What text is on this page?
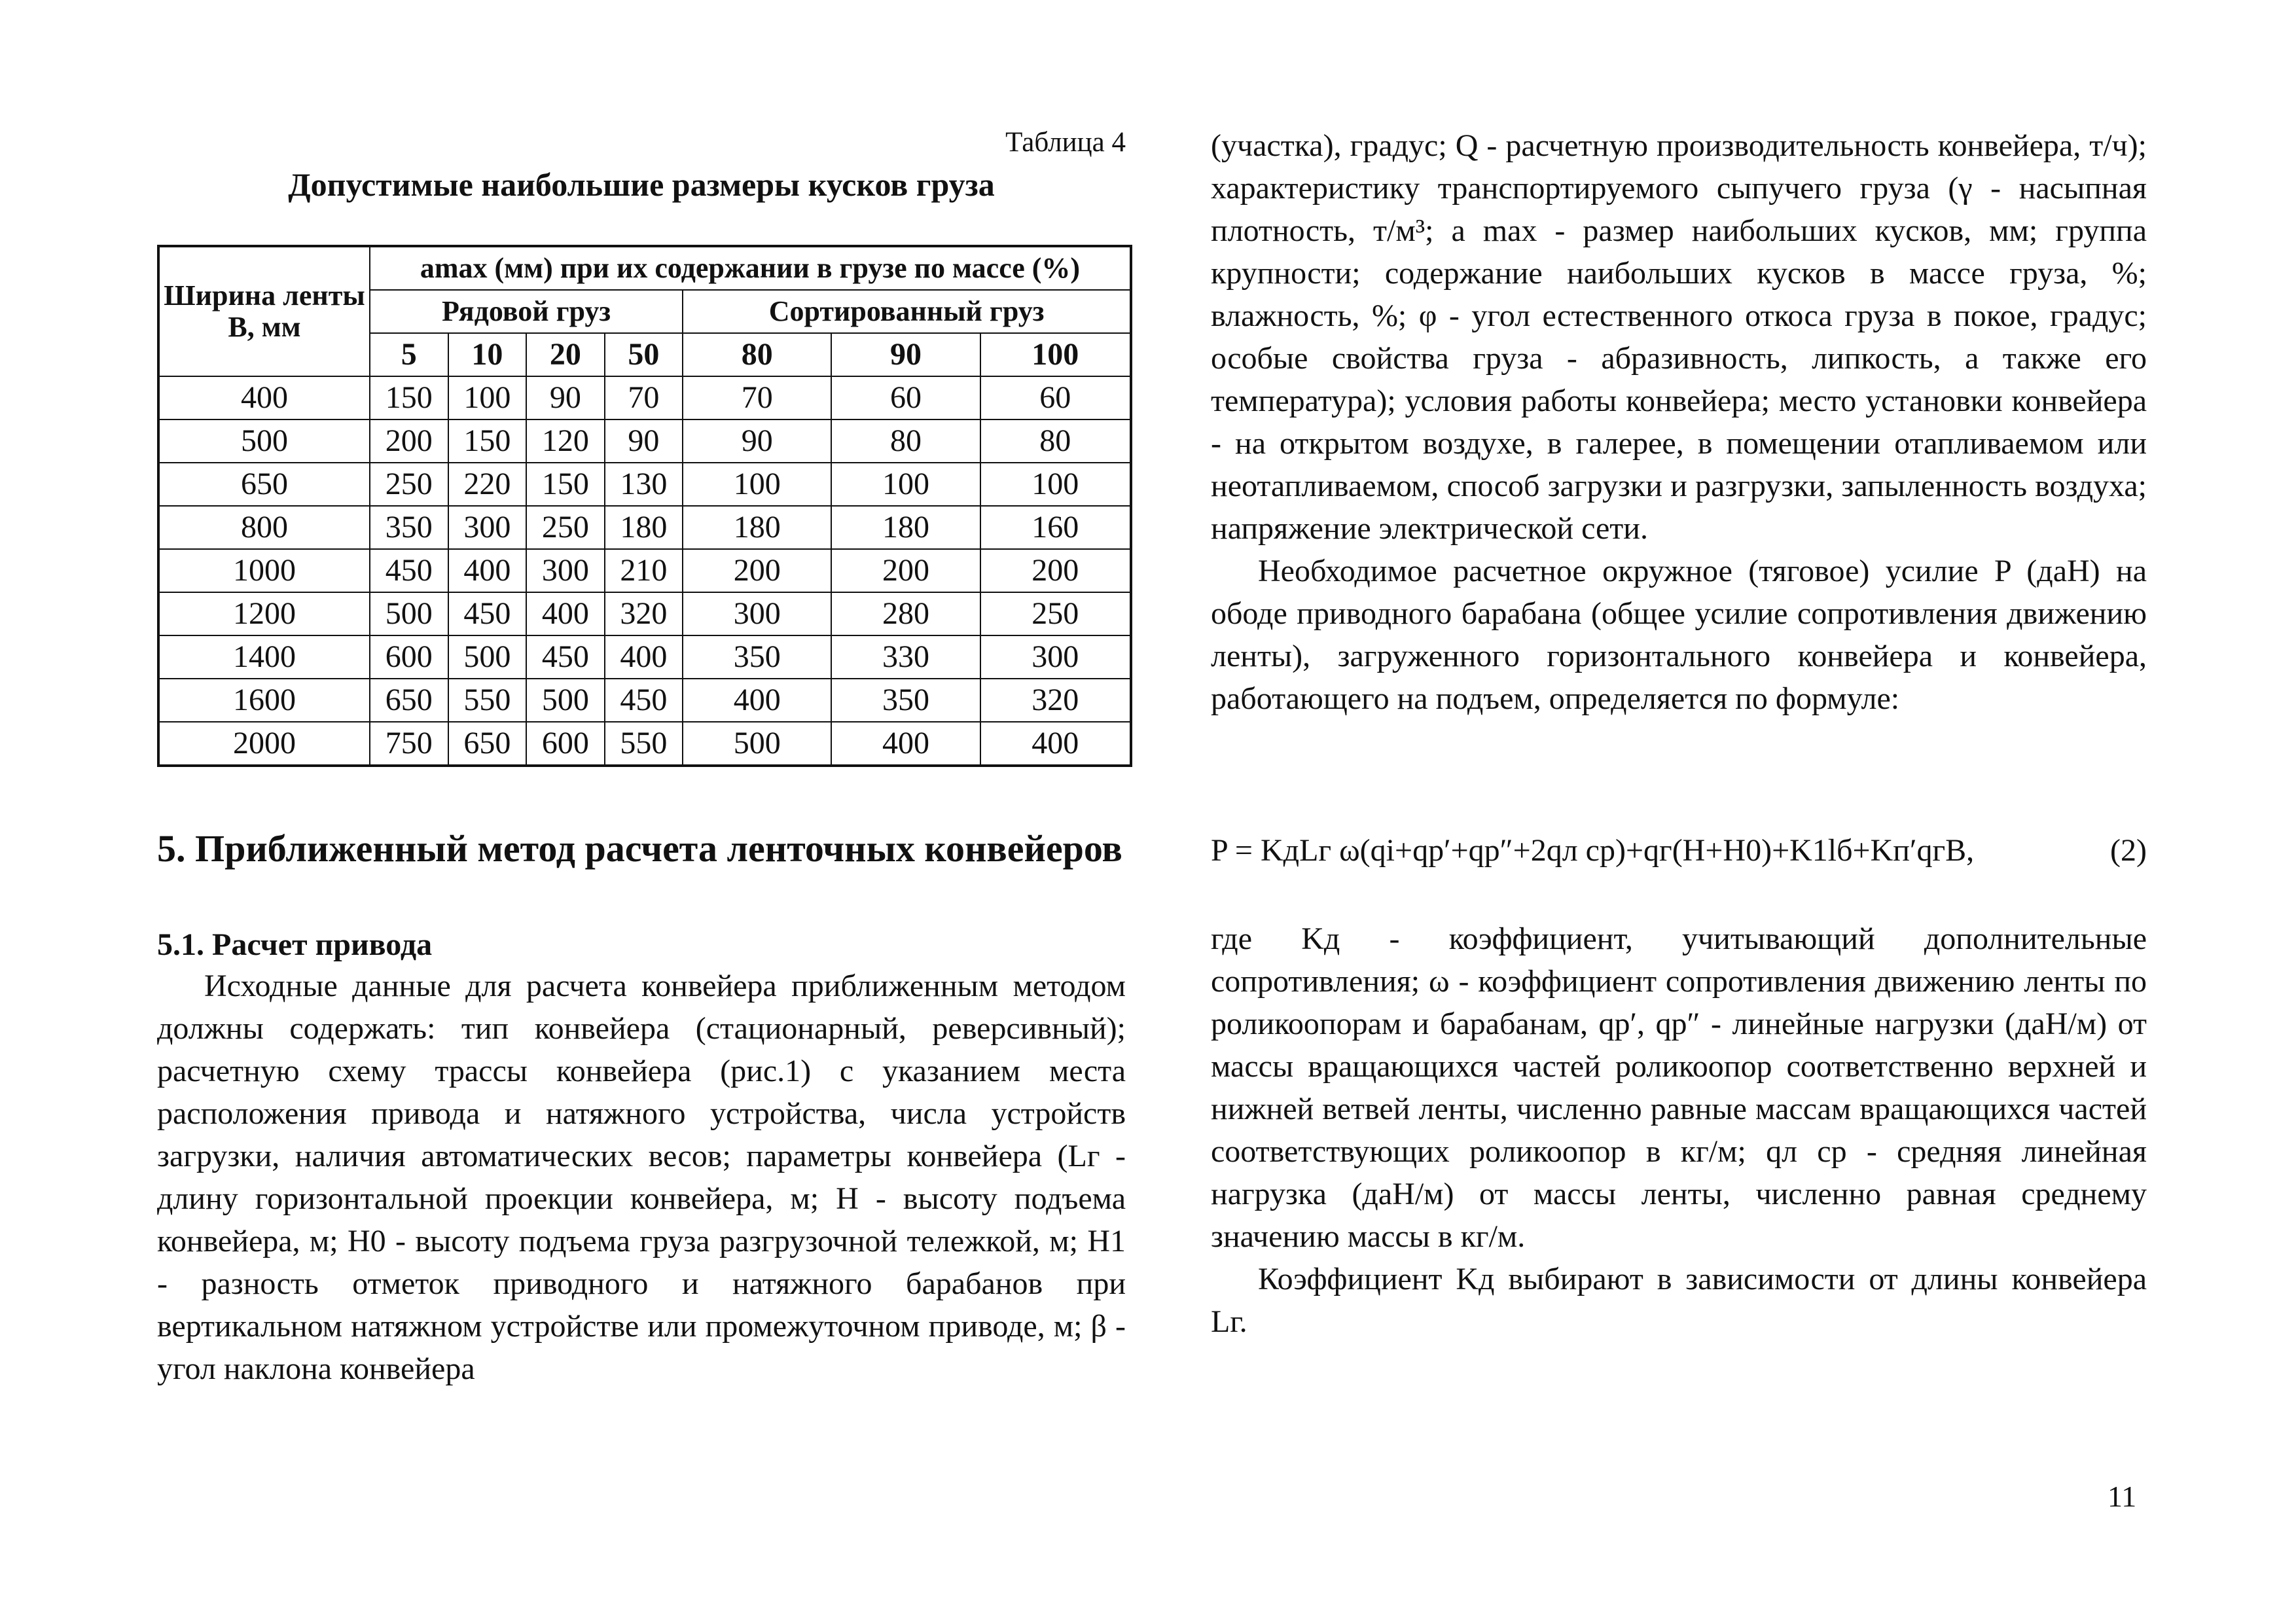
Таблица 4
Допустимые наибольшие размеры кусков груза
Ширина ленты B, мм	аmax (мм) при их содержании в грузе по массе (%)						
	Рядовой груз				Сортированный груз		
	5	10	20	50	80	90	100
400	150	100	90	70	70	60	60
500	200	150	120	90	90	80	80
650	250	220	150	130	100	100	100
800	350	300	250	180	180	180	160
1000	450	400	300	210	200	200	200
1200	500	450	400	320	300	280	250
1400	600	500	450	400	350	330	300
1600	650	550	500	450	400	350	320
2000	750	650	600	550	500	400	400
5. Приближенный метод расчета ленточных конвейеров
5.1. Расчет привода

Исходные данные для расчета конвейера приближенным методом должны содержать: тип конвейера (стационарный, реверсивный); расчетную схему трассы конвейера (рис.1) с указанием места расположения привода и натяжного устройства, числа устройств загрузки, наличия автоматических весов; параметры конвейера (Lг - длину горизонтальной проекции конвейера, м; H - высоту подъема конвейера, м; H0 - высоту подъема груза разгрузочной тележкой, м; H1 - разность отметок приводного и натяжного барабанов при вертикальном натяжном устройстве или промежуточном приводе, м; β - угол наклона конвейера

(участка), градус; Q - расчетную производительность конвейера, т/ч); характеристику транспортируемого сыпучего груза (γ - насыпная плотность, т/м³; a max - размер наибольших кусков, мм; группа крупности; содержание наибольших кусков в массе груза, %; влажность, %; φ - угол естественного откоса груза в покое, градус; особые свойства груза - абразивность, липкость, а также его температура); условия работы конвейера; место установки конвейера - на открытом воздухе, в галерее, в помещении отапливаемом или неотапливаемом, способ загрузки и разгрузки, запыленность воздуха; напряжение электрической сети.

Необходимое расчетное окружное (тяговое) усилие P (даН) на ободе приводного барабана (общее усилие сопротивления движению ленты), загруженного горизонтального конвейера и конвейера, работающего на подъем, определяется по формуле:

P = KдLг ω(qi+qр′+qр″+2qл ср)+qг(H+H0)+K1lб+Kп′qгB,	(2)

где Kд - коэффициент, учитывающий дополнительные сопротивления; ω - коэффициент сопротивления движению ленты по роликоопорам и барабанам, qр′, qр″ - линейные нагрузки (даН/м) от массы вращающихся частей роликоопор соответственно верхней и нижней ветвей ленты, численно равные массам вращающихся частей соответствующих роликоопор в кг/м; qл ср - средняя линейная нагрузка (даН/м) от массы ленты, численно равная среднему значению массы в кг/м.

Коэффициент Kд выбирают в зависимости от длины конвейера Lг.

11
